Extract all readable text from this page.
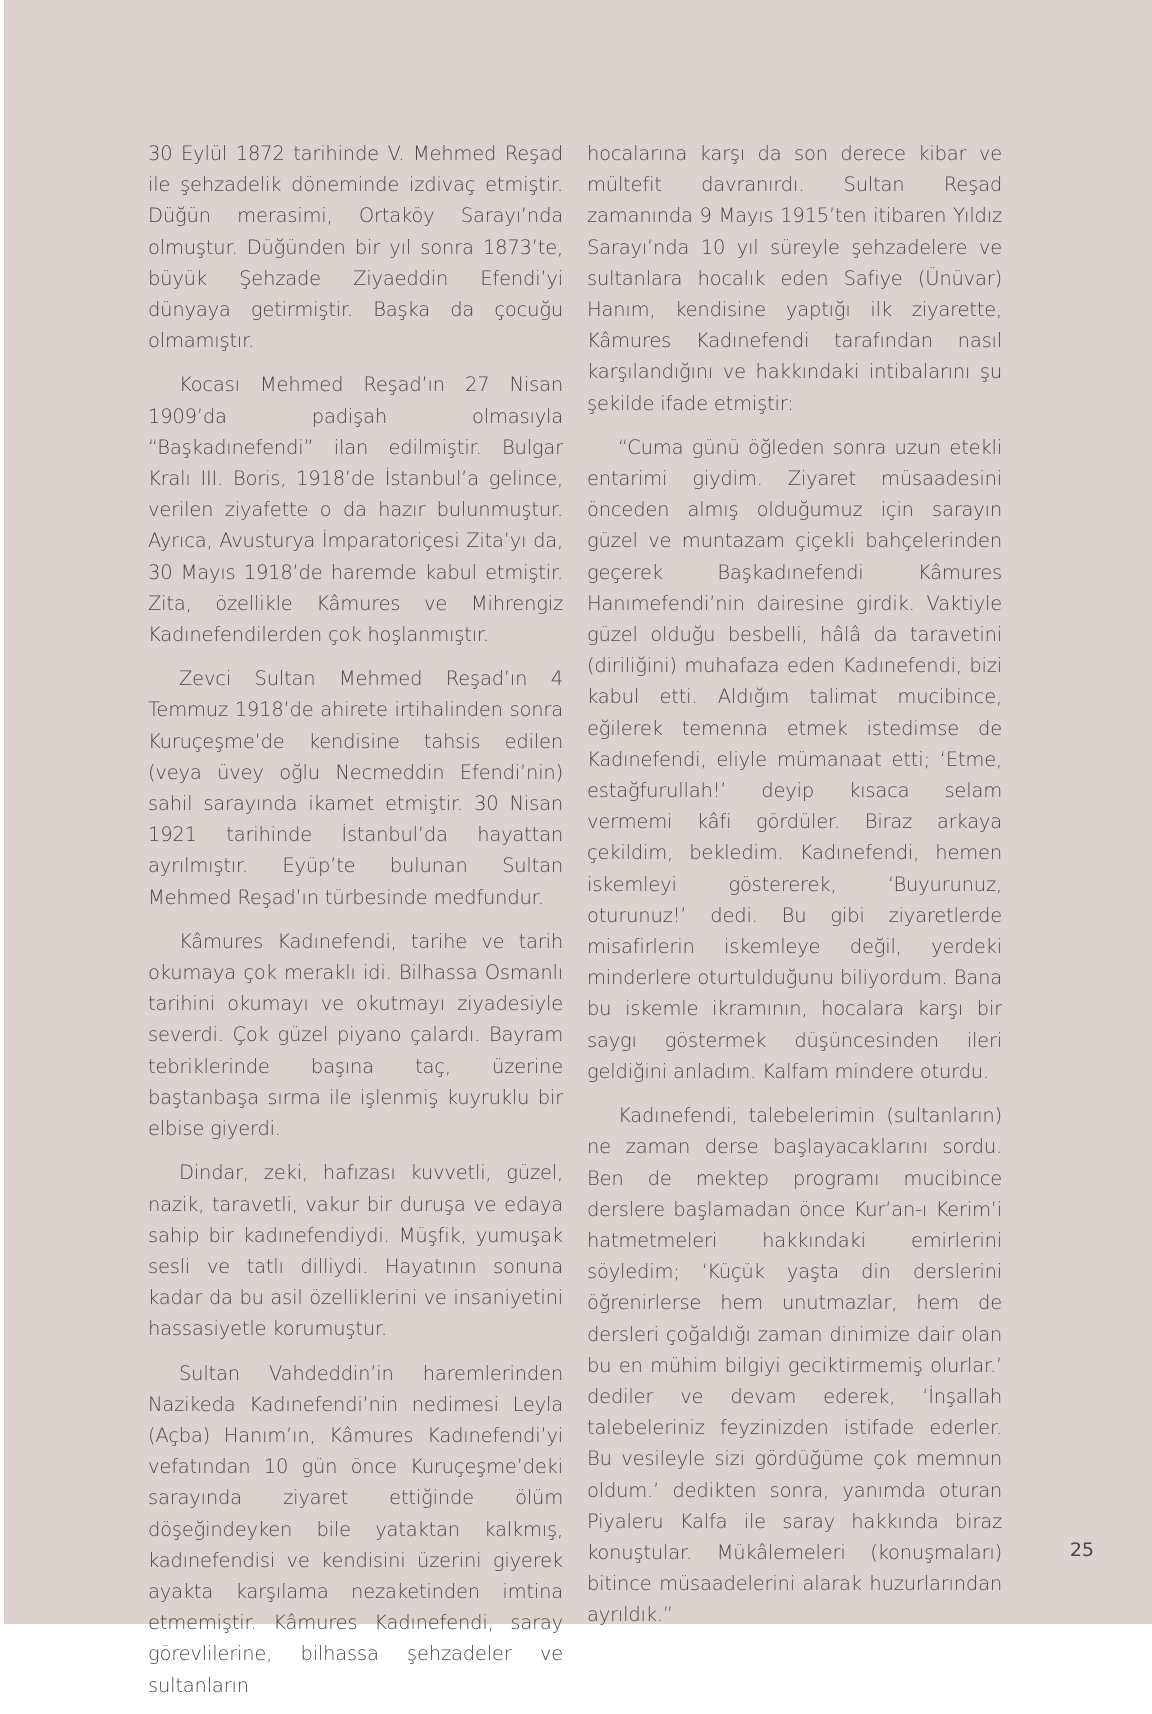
30 Eylül 1872 tarihinde V. Mehmed Reşad ile şehzadelik döneminde izdivaç etmiştir. Düğün merasimi, Ortaköy Sarayı’nda olmuştur. Düğünden bir yıl sonra 1873’te, büyük Şehzade Ziyaeddin Efendi’yi dünyaya getirmiştir. Başka da çocuğu olmamıştır.

Kocası Mehmed Reşad’ın 27 Nisan 1909’da padişah olmasıyla “Başkadınefendi” ilan edilmiştir. Bulgar Kralı III. Boris, 1918’de İstanbul’a gelince, verilen ziyafette o da hazır bulunmuştur. Ayrıca, Avusturya İmparatoriçesi Zita’yı da, 30 Mayıs 1918’de haremde kabul etmiştir. Zita, özellikle Kâmures ve Mihrengiz Kadınefendilerden çok hoşlanmıştır.

Zevci Sultan Mehmed Reşad’ın 4 Temmuz 1918’de ahirete irtihalinden sonra Kuruçeşme’de kendisine tahsis edilen (veya üvey oğlu Necmeddin Efendi’nin) sahil sarayında ikamet etmiştir. 30 Nisan 1921 tarihinde İstanbul’da hayattan ayrılmıştır. Eyüp’te bulunan Sultan Mehmed Reşad’ın türbesinde medfundur.

Kâmures Kadınefendi, tarihe ve tarih okumaya çok meraklı idi. Bilhassa Osmanlı tarihini okumayı ve okutmayı ziyadesiyle severdi. Çok güzel piyano çalardı. Bayram tebriklerinde başına taç, üzerine baştanbaşa sırma ile işlenmiş kuyruklu bir elbise giyerdi.

Dindar, zeki, hafızası kuvvetli, güzel, nazik, taravetli, vakur bir duruşa ve edaya sahip bir kadınefendiydi. Müşfik, yumuşak sesli ve tatlı dilliydi. Hayatının sonuna kadar da bu asil özelliklerini ve insaniyetini hassasiyetle korumuştur.

Sultan Vahdeddin’in haremlerinden Nazikeda Kadınefendi’nin nedimesi Leyla (Açba) Hanım’ın, Kâmures Kadınefendi’yi vefatından 10 gün önce Kuruçeşme’deki sarayında ziyaret ettiğinde ölüm döşeğindeyken bile yataktan kalkmış, kadınefendisi ve kendisini üzerini giyerek ayakta karşılama nezaketinden imtina etmemiştir. Kâmures Kadınefendi, saray görevlilerine, bilhassa şehzadeler ve sultanların

hocalarına karşı da son derece kibar ve mültefit davranırdı. Sultan Reşad zamanında 9 Mayıs 1915’ten itibaren Yıldız Sarayı’nda 10 yıl süreyle şehzadelere ve sultanlara hocalık eden Safiye (Ünüvar) Hanım, kendisine yaptığı ilk ziyarette, Kâmures Kadınefendi tarafından nasıl karşılandığını ve hakkındaki intibalarını şu şekilde ifade etmiştir:

“Cuma günü öğleden sonra uzun etekli entarimi giydim. Ziyaret müsaadesini önceden almış olduğumuz için sarayın güzel ve muntazam çiçekli bahçelerinden geçerek Başkadınefendi Kâmures Hanımefendi’nin dairesine girdik. Vaktiyle güzel olduğu besbelli, hâlâ da taravetini (diriliğini) muhafaza eden Kadınefendi, bizi kabul etti. Aldığım talimat mucibince, eğilerek temenna etmek istedimse de Kadınefendi, eliyle mümanaat etti; ‘Etme, estağfurullah!’ deyip kısaca selam vermemi kâfi gördüler. Biraz arkaya çekildim, bekledim. Kadınefendi, hemen iskemleyi göstererek, ‘Buyurunuz, oturunuz!’ dedi. Bu gibi ziyaretlerde misafirlerin iskemleye değil, yerdeki minderlere oturtulduğunu biliyordum. Bana bu iskemle ikramının, hocalara karşı bir saygı göstermek düşüncesinden ileri geldiğini anladım. Kalfam mindere oturdu.

Kadınefendi, talebelerimin (sultanların) ne zaman derse başlayacaklarını sordu. Ben de mektep programı mucibince derslere başlamadan önce Kur’an-ı Kerim’i hatmetmeleri hakkındaki emirlerini söyledim; ‘Küçük yaşta din derslerini öğrenirlerse hem unutmazlar, hem de dersleri çoğaldığı zaman dinimize dair olan bu en mühim bilgiyi geciktirmemiş olurlar.’ dediler ve devam ederek, ‘İnşallah talebeleriniz feyzinizden istifade ederler. Bu vesileyle sizi gördüğüme çok memnun oldum.’ dedikten sonra, yanımda oturan Piyaleru Kalfa ile saray hakkında biraz konuştular. Mükâlemeleri (konuşmaları) bitince müsaadelerini alarak huzurlarından ayrıldık.”

25
